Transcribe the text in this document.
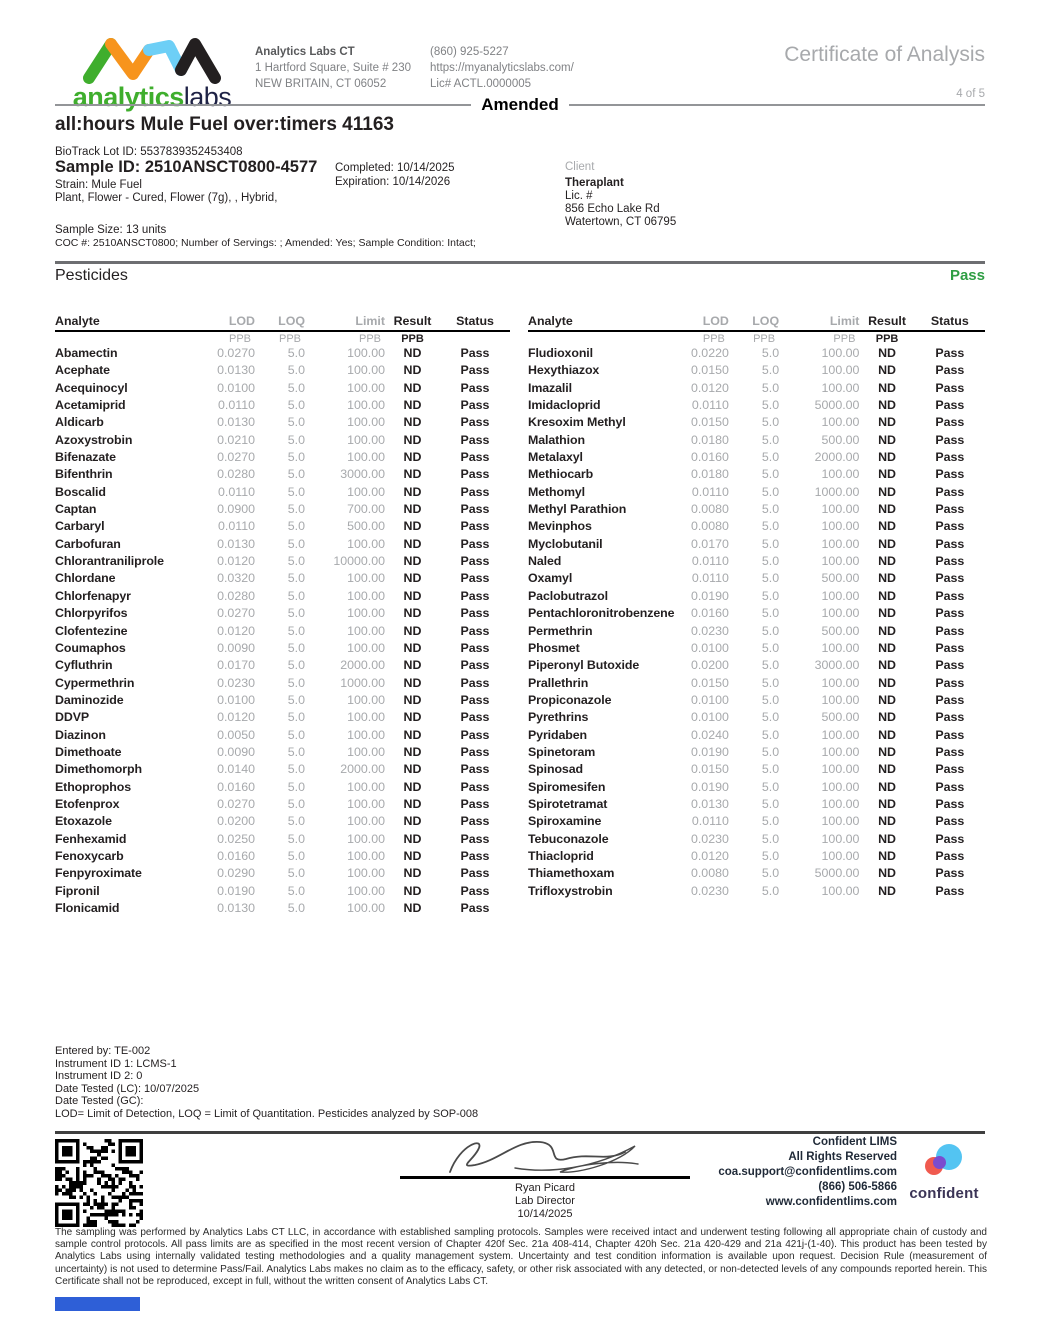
analyticslabs
Analytics Labs CT
1 Hartford Square, Suite # 230
NEW BRITAIN, CT 06052
(860) 925-5227
https://myanalyticslabs.com/
Lic# ACTL.0000005
Certificate of Analysis
4 of 5
Amended
all:hours Mule Fuel over:timers 41163
BioTrack Lot ID: 5537839352453408
Sample ID: 2510ANSCT0800-4577
Strain: Mule Fuel
Plant, Flower - Cured, Flower (7g), , Hybrid,
Completed: 10/14/2025
Expiration: 10/14/2026
Sample Size: 13 units
COC #: 2510ANSCT0800; Number of Servings: ; Amended: Yes; Sample Condition: Intact;
Client
Theraplant
Lic. #
856 Echo Lake Rd
Watertown, CT 06795
Pesticides	Pass
Analyte	LOD	LOQ	Limit	Result	Status
	PPB	PPB	PPB	PPB	
Abamectin	0.0270	5.0	100.00	ND	Pass
Acephate	0.0130	5.0	100.00	ND	Pass
Acequinocyl	0.0100	5.0	100.00	ND	Pass
Acetamiprid	0.0110	5.0	100.00	ND	Pass
Aldicarb	0.0130	5.0	100.00	ND	Pass
Azoxystrobin	0.0210	5.0	100.00	ND	Pass
Bifenazate	0.0270	5.0	100.00	ND	Pass
Bifenthrin	0.0280	5.0	3000.00	ND	Pass
Boscalid	0.0110	5.0	100.00	ND	Pass
Captan	0.0900	5.0	700.00	ND	Pass
Carbaryl	0.0110	5.0	500.00	ND	Pass
Carbofuran	0.0130	5.0	100.00	ND	Pass
Chlorantraniliprole	0.0120	5.0	10000.00	ND	Pass
Chlordane	0.0320	5.0	100.00	ND	Pass
Chlorfenapyr	0.0280	5.0	100.00	ND	Pass
Chlorpyrifos	0.0270	5.0	100.00	ND	Pass
Clofentezine	0.0120	5.0	100.00	ND	Pass
Coumaphos	0.0090	5.0	100.00	ND	Pass
Cyfluthrin	0.0170	5.0	2000.00	ND	Pass
Cypermethrin	0.0230	5.0	1000.00	ND	Pass
Daminozide	0.0100	5.0	100.00	ND	Pass
DDVP	0.0120	5.0	100.00	ND	Pass
Diazinon	0.0050	5.0	100.00	ND	Pass
Dimethoate	0.0090	5.0	100.00	ND	Pass
Dimethomorph	0.0140	5.0	2000.00	ND	Pass
Ethoprophos	0.0160	5.0	100.00	ND	Pass
Etofenprox	0.0270	5.0	100.00	ND	Pass
Etoxazole	0.0200	5.0	100.00	ND	Pass
Fenhexamid	0.0250	5.0	100.00	ND	Pass
Fenoxycarb	0.0160	5.0	100.00	ND	Pass
Fenpyroximate	0.0290	5.0	100.00	ND	Pass
Fipronil	0.0190	5.0	100.00	ND	Pass
Flonicamid	0.0130	5.0	100.00	ND	Pass
Analyte	LOD	LOQ	Limit	Result	Status
	PPB	PPB	PPB	PPB	
Fludioxonil	0.0220	5.0	100.00	ND	Pass
Hexythiazox	0.0150	5.0	100.00	ND	Pass
Imazalil	0.0120	5.0	100.00	ND	Pass
Imidacloprid	0.0110	5.0	5000.00	ND	Pass
Kresoxim Methyl	0.0150	5.0	100.00	ND	Pass
Malathion	0.0180	5.0	500.00	ND	Pass
Metalaxyl	0.0160	5.0	2000.00	ND	Pass
Methiocarb	0.0180	5.0	100.00	ND	Pass
Methomyl	0.0110	5.0	1000.00	ND	Pass
Methyl Parathion	0.0080	5.0	100.00	ND	Pass
Mevinphos	0.0080	5.0	100.00	ND	Pass
Myclobutanil	0.0170	5.0	100.00	ND	Pass
Naled	0.0110	5.0	100.00	ND	Pass
Oxamyl	0.0110	5.0	500.00	ND	Pass
Paclobutrazol	0.0190	5.0	100.00	ND	Pass
Pentachloronitrobenzene	0.0160	5.0	100.00	ND	Pass
Permethrin	0.0230	5.0	500.00	ND	Pass
Phosmet	0.0100	5.0	100.00	ND	Pass
Piperonyl Butoxide	0.0200	5.0	3000.00	ND	Pass
Prallethrin	0.0150	5.0	100.00	ND	Pass
Propiconazole	0.0100	5.0	100.00	ND	Pass
Pyrethrins	0.0100	5.0	500.00	ND	Pass
Pyridaben	0.0240	5.0	100.00	ND	Pass
Spinetoram	0.0190	5.0	100.00	ND	Pass
Spinosad	0.0150	5.0	100.00	ND	Pass
Spiromesifen	0.0190	5.0	100.00	ND	Pass
Spirotetramat	0.0130	5.0	100.00	ND	Pass
Spiroxamine	0.0110	5.0	100.00	ND	Pass
Tebuconazole	0.0230	5.0	100.00	ND	Pass
Thiacloprid	0.0120	5.0	100.00	ND	Pass
Thiamethoxam	0.0080	5.0	5000.00	ND	Pass
Trifloxystrobin	0.0230	5.0	100.00	ND	Pass
Entered by: TE-002
Instrument ID 1: LCMS-1
Instrument ID 2: 0
Date Tested (LC): 10/07/2025
Date Tested (GC):
LOD= Limit of Detection, LOQ = Limit of Quantitation. Pesticides analyzed by SOP-008
Ryan Picard
Lab Director
10/14/2025
Confident LIMS
All Rights Reserved
coa.support@confidentlims.com
(866) 506-5866
www.confidentlims.com confident
The sampling was performed by Analytics Labs CT LLC, in accordance with established sampling protocols. Samples were received intact and underwent testing following all appropriate chain of custody and sample control protocols. All pass limits are as specified in the most recent version of Chapter 420f Sec. 21a 408-414, Chapter 420h Sec. 21a 420-429 and 21a 421j-(1-40). This product has been tested by Analytics Labs using internally validated testing methodologies and a quality management system. Uncertainty and test condition information is available upon request. Decision Rule (measurement of uncertainty) is not used to determine Pass/Fail. Analytics Labs makes no claim as to the efficacy, safety, or other risk associated with any detected, or non-detected levels of any compounds reported herein. This Certificate shall not be reproduced, except in full, without the written consent of Analytics Labs CT.
